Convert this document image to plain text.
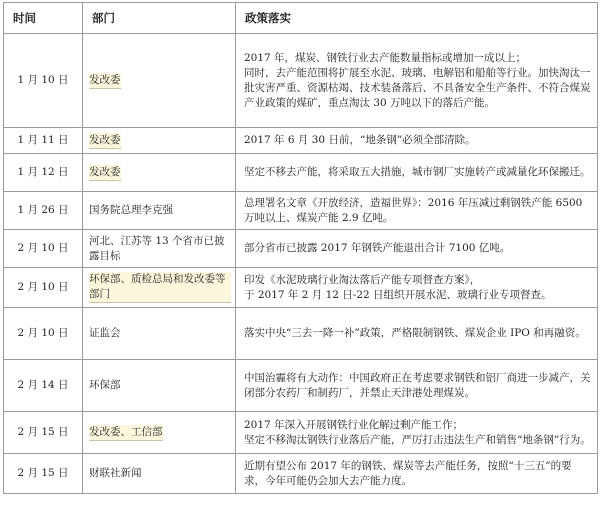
时间	部门	政策落实
1 月 10 日	发改委	2017 年，煤炭、钢铁行业去产能数量指标或增加一成以上；
同时，去产能范围将扩展至水泥、玻璃、电解铝和船舶等行业。加快淘汰一批灾害严重、资源枯竭、技术装备落后、不具备安全生产条件、不符合煤炭产业政策的煤矿，重点淘汰 30 万吨以下的落后产能。

1 月 11 日	发改委	2017 年 6 月 30 日前，“地条钢”必须全部清除。

1 月 12 日	发改委	坚定不移去产能，将采取五大措施，城市钢厂实施转产或减量化环保搬迁。

1 月 26 日	国务院总理李克强	总理署名文章《开放经济，造福世界》：2016 年压减过剩钢铁产能 6500 万吨以上、煤炭产能 2.9 亿吨。

2 月 10 日	河北、江苏等 13 个省市已披露目标	部分省市已披露 2017 年钢铁产能退出合计 7100 亿吨。

2 月 10 日	环保部、质检总局和发改委等部门	印发《水泥玻璃行业淘汰落后产能专项督查方案》，
于 2017 年 2 月 12 日-22 日组织开展水泥、玻璃行业专项督查。

2 月 10 日	证监会	落实中央“三去一降一补”政策，严格限制钢铁、煤炭企业 IPO 和再融资。

2 月 14 日	环保部	中国治霾将有大动作：中国政府正在考虑要求钢铁和铝厂商进一步减产，关闭部分农药厂和制药厂，并禁止天津港处理煤炭。

2 月 15 日	发改委、工信部	2017 年深入开展钢铁行业化解过剩产能工作；
坚定不移淘汰钢铁行业落后产能，严厉打击违法生产和销售“地条钢”行为。

2 月 15 日	财联社新闻	近期有望公布 2017 年的钢铁、煤炭等去产能任务，按照“十三五”的要求，今年可能仍会加大去产能力度。
